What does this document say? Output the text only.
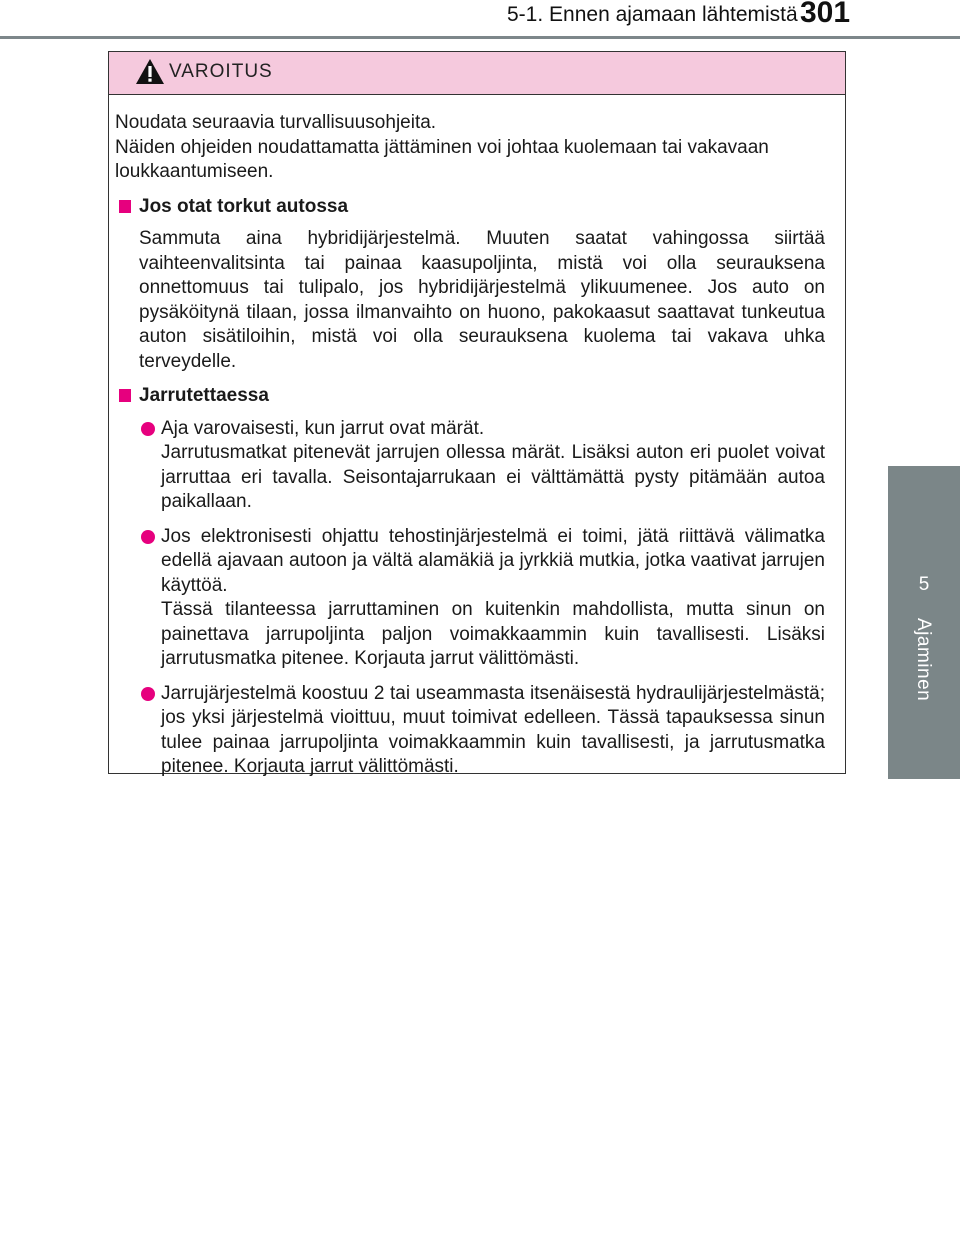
5-1. Ennen ajamaan lähtemistä 301
5
Ajaminen
VAROITUS

Noudata seuraavia turvallisuusohjeita.

Näiden ohjeiden noudattamatta jättäminen voi johtaa kuolemaan tai vakavaan loukkaantumiseen.

Jos otat torkut autossa

Sammuta aina hybridijärjestelmä. Muuten saatat vahingossa siirtää vaihteenvalitsinta tai painaa kaasupoljinta, mistä voi olla seurauksena onnettomuus tai tulipalo, jos hybridijärjestelmä ylikuumenee. Jos auto on pysäköitynä tilaan, jossa ilmanvaihto on huono, pakokaasut saattavat tunkeutua auton sisätiloihin, mistä voi olla seurauksena kuolema tai vakava uhka terveydelle.

Jarrutettaessa

Aja varovaisesti, kun jarrut ovat märät.

Jarrutusmatkat pitenevät jarrujen ollessa märät. Lisäksi auton eri puolet voivat jarruttaa eri tavalla. Seisontajarrukaan ei välttämättä pysty pitämään autoa paikallaan.

Jos elektronisesti ohjattu tehostinjärjestelmä ei toimi, jätä riittävä välimatka edellä ajavaan autoon ja vältä alamäkiä ja jyrkkiä mutkia, jotka vaativat jarrujen käyttöä.

Tässä tilanteessa jarruttaminen on kuitenkin mahdollista, mutta sinun on painettava jarrupoljinta paljon voimakkaammin kuin tavallisesti. Lisäksi jarrutusmatka pitenee. Korjauta jarrut välittömästi.

Jarrujärjestelmä koostuu 2 tai useammasta itsenäisestä hydraulijärjestelmästä; jos yksi järjestelmä vioittuu, muut toimivat edelleen. Tässä tapauksessa sinun tulee painaa jarrupoljinta voimakkaammin kuin tavallisesti, ja jarrutusmatka pitenee. Korjauta jarrut välittömästi.
